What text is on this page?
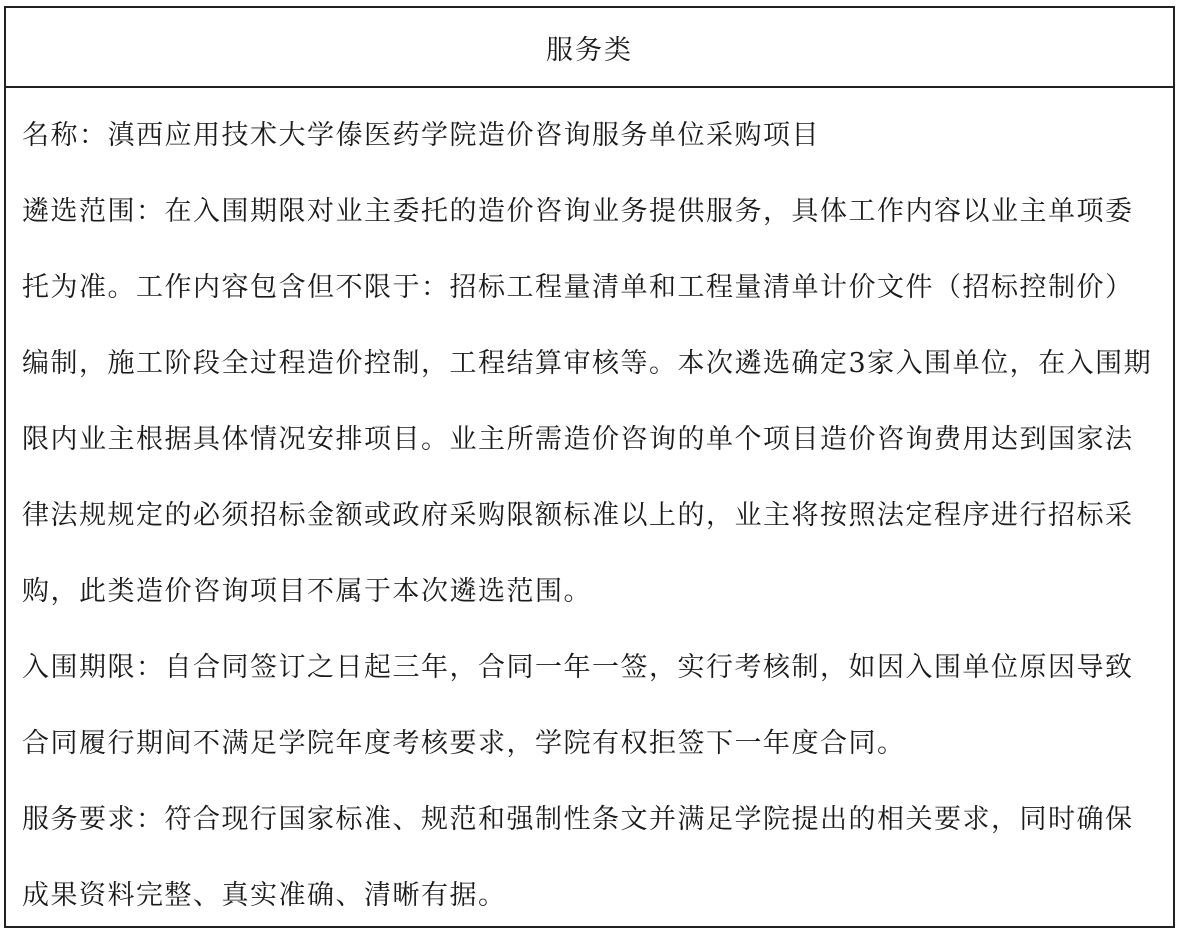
服务类

名称：滇西应用技术大学傣医药学院造价咨询服务单位采购项目

遴选范围：在入围期限对业主委托的造价咨询业务提供服务，具体工作内容以业主单项委托为准。工作内容包含但不限于：招标工程量清单和工程量清单计价文件（招标控制价）编制，施工阶段全过程造价控制，工程结算审核等。本次遴选确定3家入围单位，在入围期限内业主根据具体情况安排项目。业主所需造价咨询的单个项目造价咨询费用达到国家法律法规规定的必须招标金额或政府采购限额标准以上的，业主将按照法定程序进行招标采购，此类造价咨询项目不属于本次遴选范围。

入围期限：自合同签订之日起三年，合同一年一签，实行考核制，如因入围单位原因导致合同履行期间不满足学院年度考核要求，学院有权拒签下一年度合同。

服务要求：符合现行国家标准、规范和强制性条文并满足学院提出的相关要求，同时确保成果资料完整、真实准确、清晰有据。
